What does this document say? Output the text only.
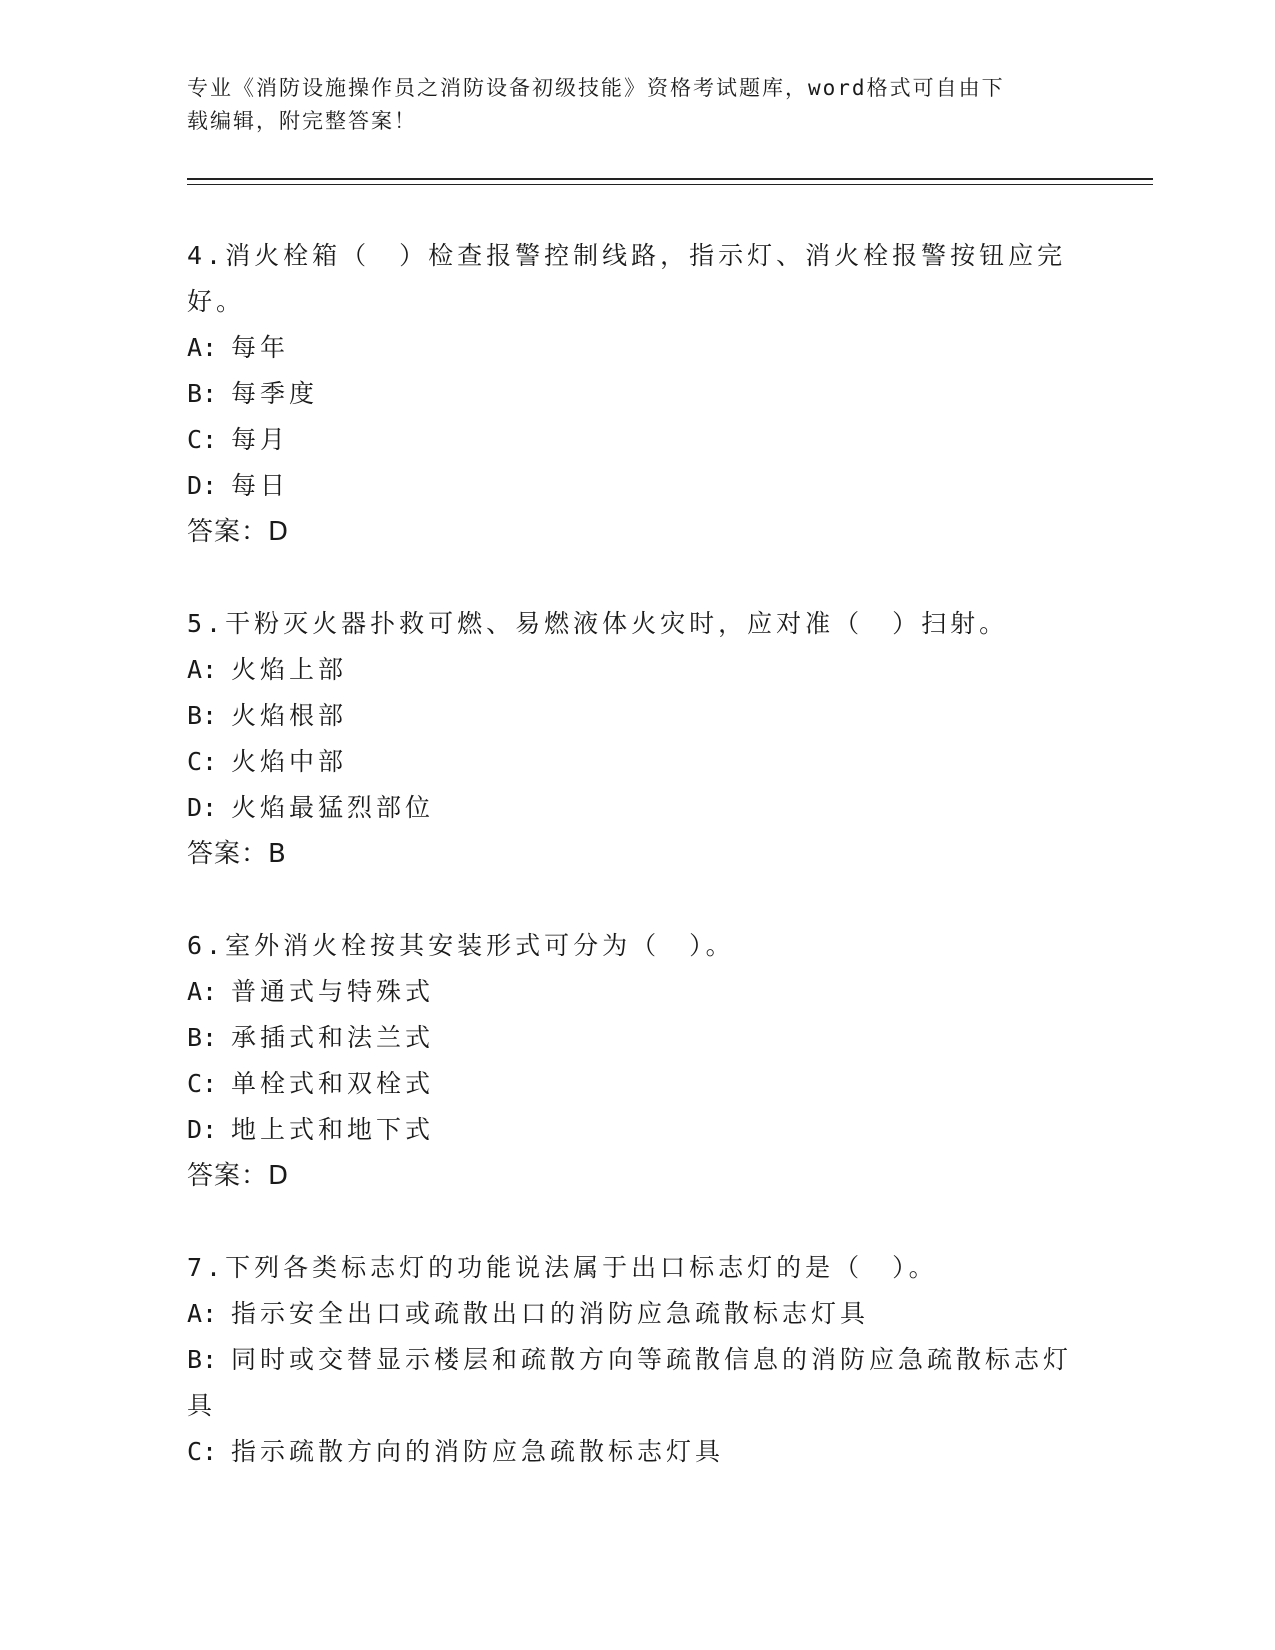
专业《消防设施操作员之消防设备初级技能》资格考试题库，word格式可自由下
载编辑，附完整答案！
4.消火栓箱（　）检查报警控制线路，指示灯、消火栓报警按钮应完
好。
A: 每年
B: 每季度
C: 每月
D: 每日
答案：D
5.干粉灭火器扑救可燃、易燃液体火灾时，应对准（　）扫射。
A: 火焰上部
B: 火焰根部
C: 火焰中部
D: 火焰最猛烈部位
答案：B
6.室外消火栓按其安装形式可分为（　）。
A: 普通式与特殊式
B: 承插式和法兰式
C: 单栓式和双栓式
D: 地上式和地下式
答案：D
7.下列各类标志灯的功能说法属于出口标志灯的是（　）。
A: 指示安全出口或疏散出口的消防应急疏散标志灯具
B: 同时或交替显示楼层和疏散方向等疏散信息的消防应急疏散标志灯
具
C: 指示疏散方向的消防应急疏散标志灯具
